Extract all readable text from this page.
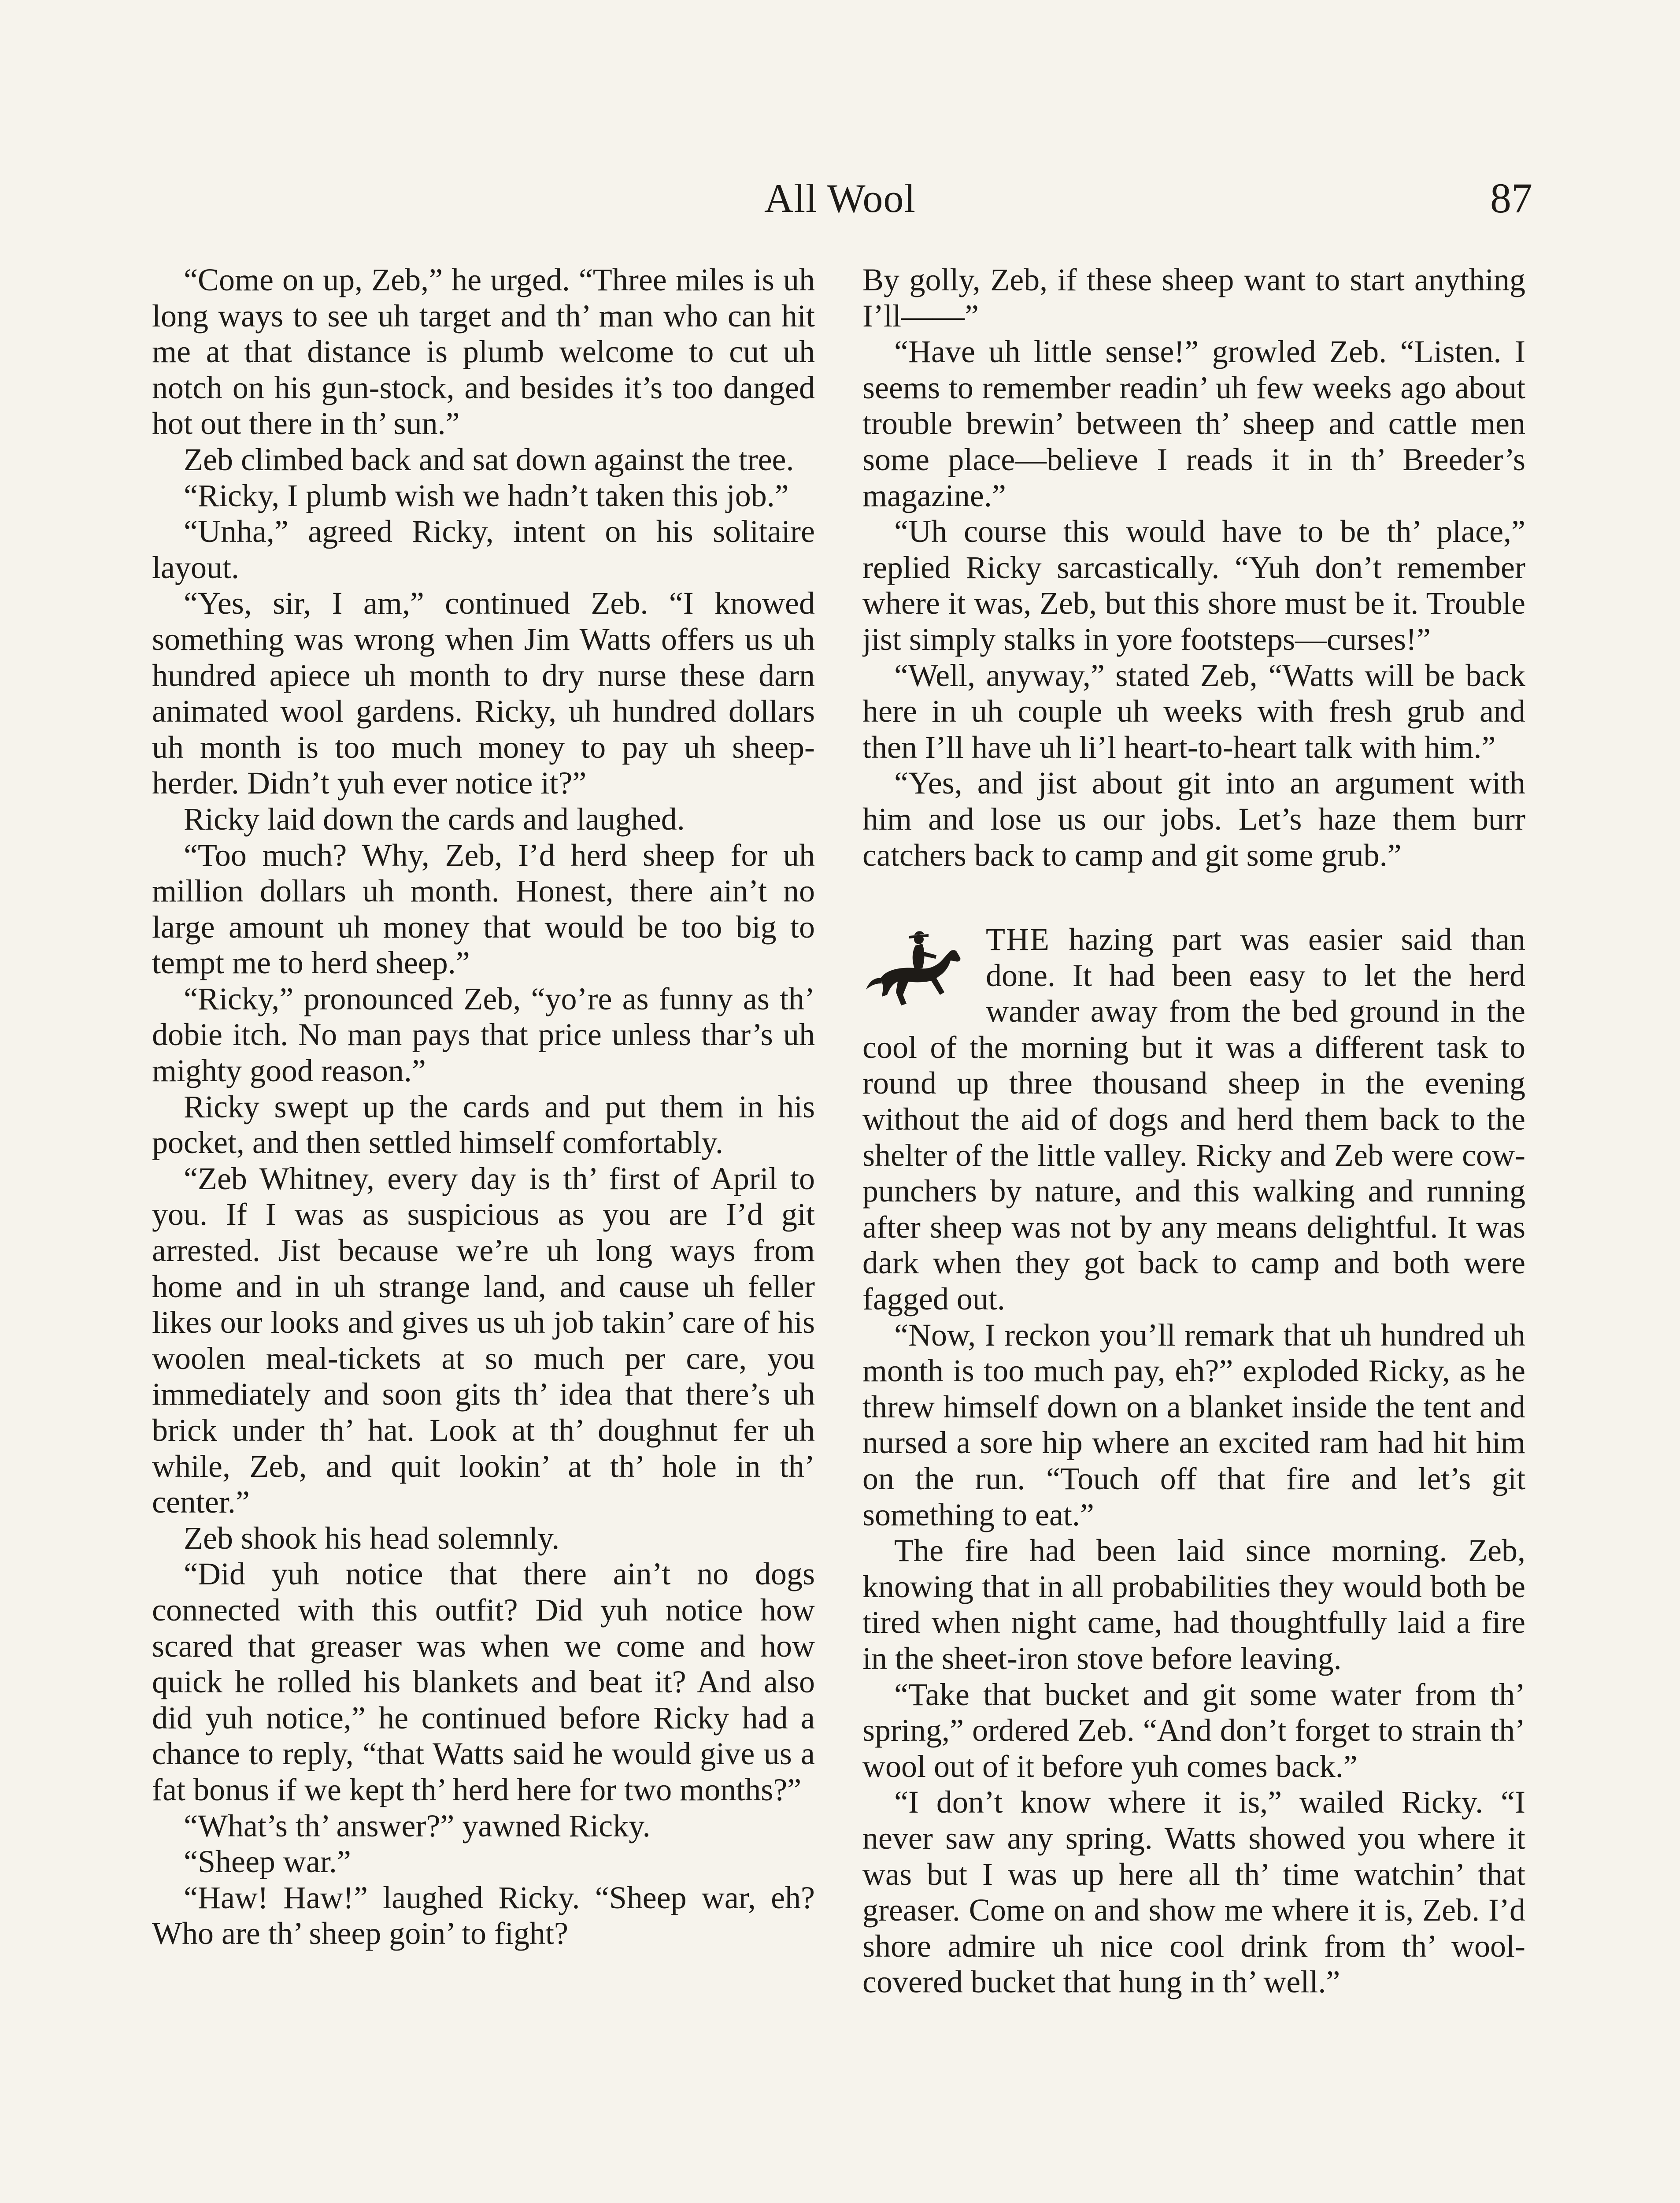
All Wool	87

“Come on up, Zeb,” he urged. “Three miles is uh long ways to see uh target and th’ man who can hit me at that distance is plumb welcome to cut uh notch on his gun-stock, and besides it’s too danged hot out there in th’ sun.”

Zeb climbed back and sat down against the tree.

“Ricky, I plumb wish we hadn’t taken this job.”

“Unha,” agreed Ricky, intent on his solitaire layout.

“Yes, sir, I am,” continued Zeb. “I knowed something was wrong when Jim Watts offers us uh hundred apiece uh month to dry nurse these darn animated wool gardens. Ricky, uh hundred dollars uh month is too much money to pay uh sheep-herder. Didn’t yuh ever notice it?”

Ricky laid down the cards and laughed.

“Too much? Why, Zeb, I’d herd sheep for uh million dollars uh month. Honest, there ain’t no large amount uh money that would be too big to tempt me to herd sheep.”

“Ricky,” pronounced Zeb, “yo’re as funny as th’ dobie itch. No man pays that price unless thar’s uh mighty good reason.”

Ricky swept up the cards and put them in his pocket, and then settled himself comfortably.

“Zeb Whitney, every day is th’ first of April to you. If I was as suspicious as you are I’d git arrested. Jist because we’re uh long ways from home and in uh strange land, and cause uh feller likes our looks and gives us uh job takin’ care of his woolen meal-tickets at so much per care, you immediately and soon gits th’ idea that there’s uh brick under th’ hat. Look at th’ doughnut fer uh while, Zeb, and quit lookin’ at th’ hole in th’ center.”

Zeb shook his head solemnly.

“Did yuh notice that there ain’t no dogs connected with this outfit? Did yuh notice how scared that greaser was when we come and how quick he rolled his blankets and beat it? And also did yuh notice,” he continued before Ricky had a chance to reply, “that Watts said he would give us a fat bonus if we kept th’ herd here for two months?”

“What’s th’ answer?” yawned Ricky.

“Sheep war.”

“Haw! Haw!” laughed Ricky. “Sheep war, eh? Who are th’ sheep goin’ to fight?

By golly, Zeb, if these sheep want to start anything I’ll——”

“Have uh little sense!” growled Zeb. “Listen. I seems to remember readin’ uh few weeks ago about trouble brewin’ between th’ sheep and cattle men some place—believe I reads it in th’ Breeder’s magazine.”

“Uh course this would have to be th’ place,” replied Ricky sarcastically. “Yuh don’t remember where it was, Zeb, but this shore must be it. Trouble jist simply stalks in yore footsteps—curses!”

“Well, anyway,” stated Zeb, “Watts will be back here in uh couple uh weeks with fresh grub and then I’ll have uh li’l heart-to-heart talk with him.”

“Yes, and jist about git into an argument with him and lose us our jobs. Let’s haze them burr catchers back to camp and git some grub.”

THE hazing part was easier said than done. It had been easy to let the herd wander away from the bed ground in the cool of the morning but it was a different task to round up three thousand sheep in the evening without the aid of dogs and herd them back to the shelter of the little valley. Ricky and Zeb were cow-punchers by nature, and this walking and running after sheep was not by any means delightful. It was dark when they got back to camp and both were fagged out.

“Now, I reckon you’ll remark that uh hundred uh month is too much pay, eh?” exploded Ricky, as he threw himself down on a blanket inside the tent and nursed a sore hip where an excited ram had hit him on the run. “Touch off that fire and let’s git something to eat.”

The fire had been laid since morning. Zeb, knowing that in all probabilities they would both be tired when night came, had thoughtfully laid a fire in the sheet-iron stove before leaving.

“Take that bucket and git some water from th’ spring,” ordered Zeb. “And don’t forget to strain th’ wool out of it before yuh comes back.”

“I don’t know where it is,” wailed Ricky. “I never saw any spring. Watts showed you where it was but I was up here all th’ time watchin’ that greaser. Come on and show me where it is, Zeb. I’d shore admire uh nice cool drink from th’ wool-covered bucket that hung in th’ well.”
